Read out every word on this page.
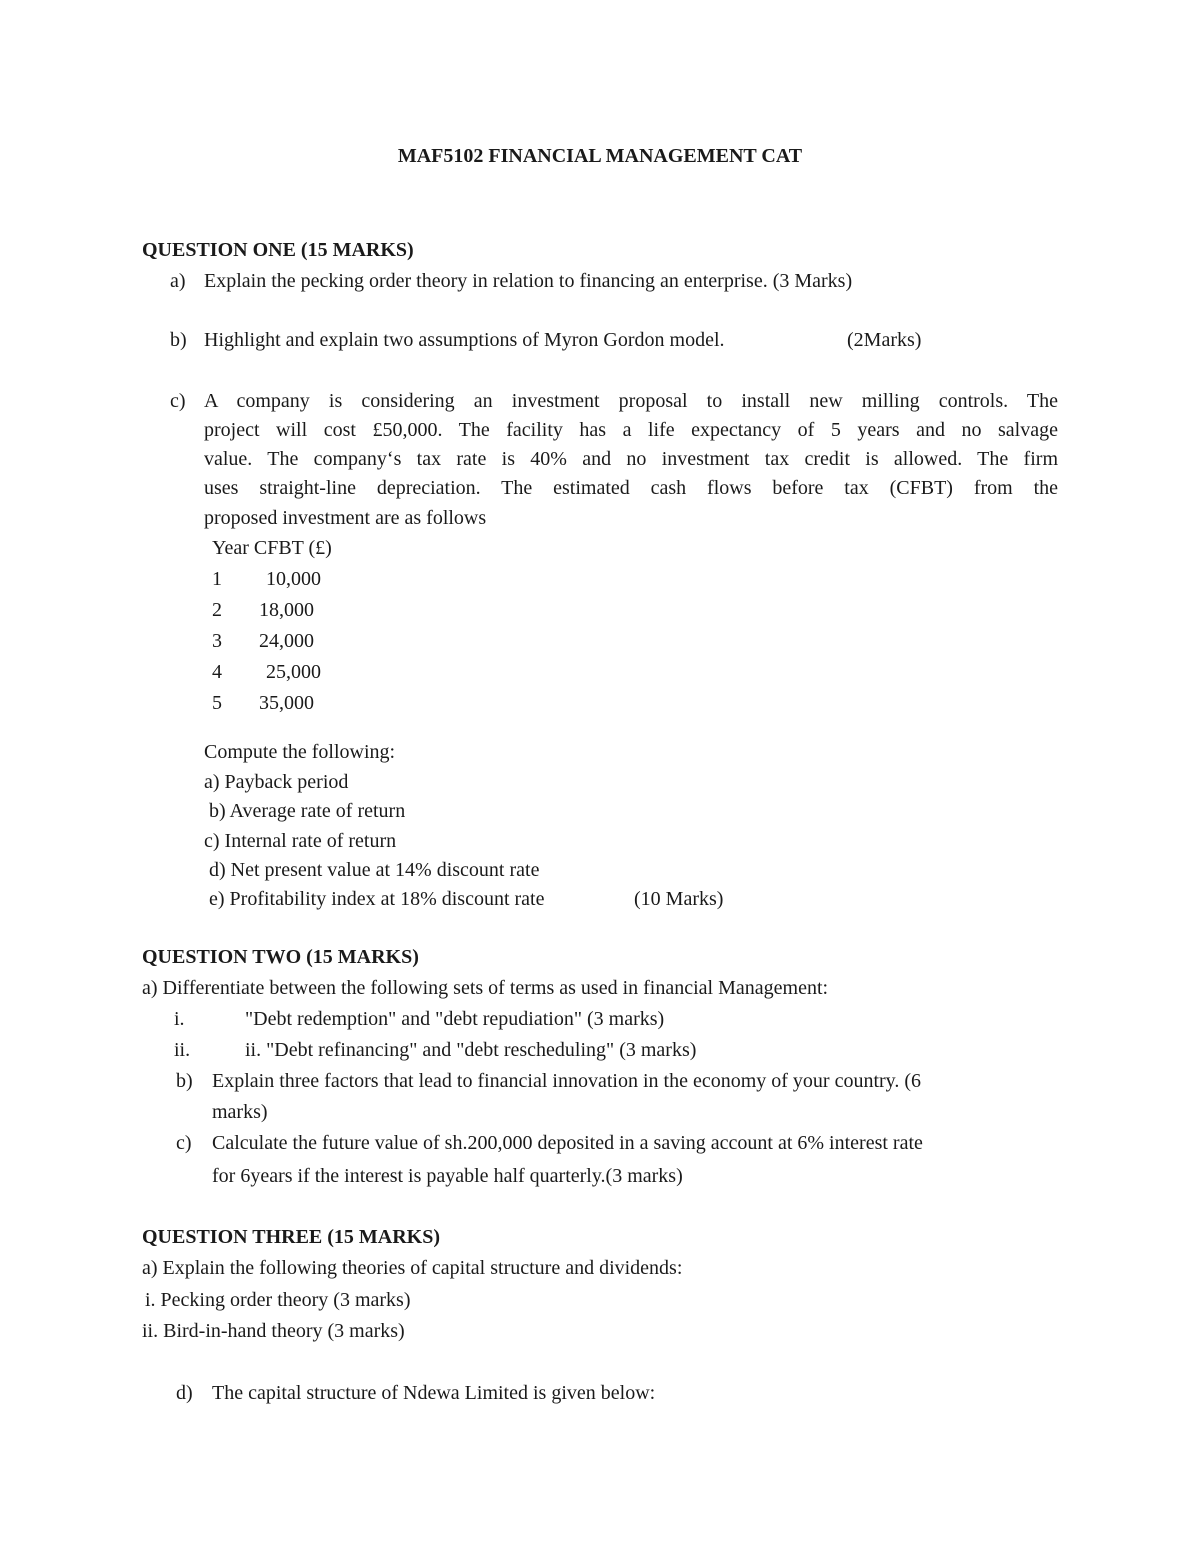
MAF5102 FINANCIAL MANAGEMENT CAT
QUESTION ONE (15 MARKS)
a) Explain the pecking order theory in relation to financing an enterprise. (3 Marks)
b) Highlight and explain two assumptions of Myron Gordon model.	(2Marks)
c) A company is considering an investment proposal to install new milling controls. The
project will cost £50,000. The facility has a life expectancy of 5 years and no salvage
value. The company‘s tax rate is 40% and no investment tax credit is allowed. The firm
uses straight-line depreciation. The estimated cash flows before tax (CFBT) from the
proposed investment are as follows
Year CFBT (£)
1 10,000
2 18,000
3 24,000
4 25,000
5 35,000
Compute the following:
a) Payback period
b) Average rate of return
c) Internal rate of return
d) Net present value at 14% discount rate
e) Profitability index at 18% discount rate	(10 Marks)
QUESTION TWO (15 MARKS)
a) Differentiate between the following sets of terms as used in financial Management:
i.	"Debt redemption" and "debt repudiation" (3 marks)
ii.	ii. "Debt refinancing" and "debt rescheduling" (3 marks)
b) Explain three factors that lead to financial innovation in the economy of your country. (6
marks)
c) Calculate the future value of sh.200,000 deposited in a saving account at 6% interest rate
for 6years if the interest is payable half quarterly.(3 marks)
QUESTION THREE (15 MARKS)
a) Explain the following theories of capital structure and dividends:
i. Pecking order theory (3 marks)
ii. Bird-in-hand theory (3 marks)
d) The capital structure of Ndewa Limited is given below:
